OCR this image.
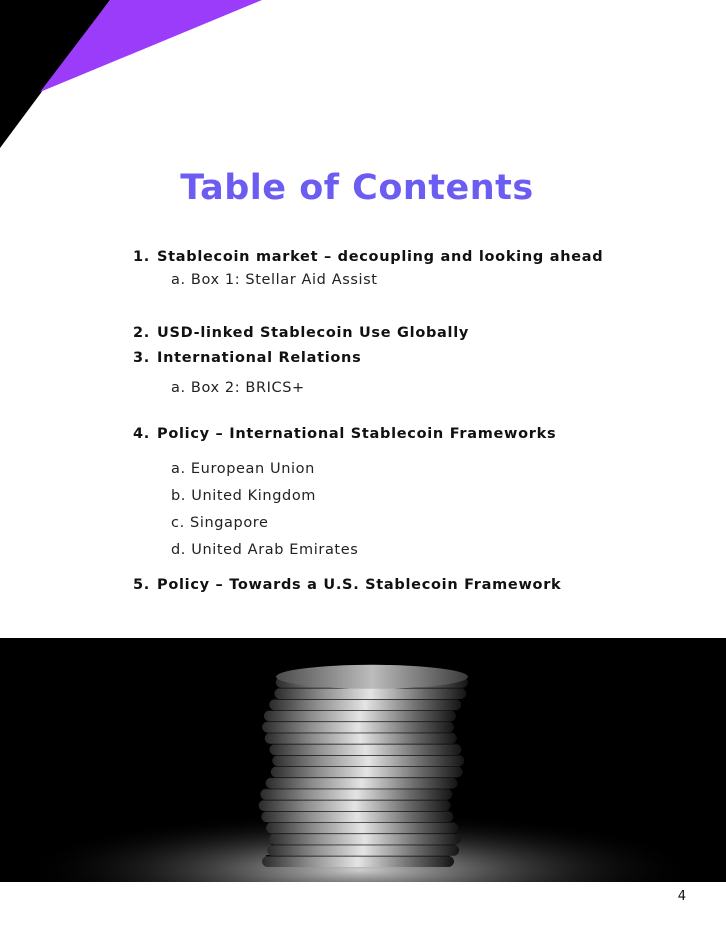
Table of Contents
1. Stablecoin market – decoupling and looking ahead
a. Box 1: Stellar Aid Assist
2. USD-linked Stablecoin Use Globally
3. International Relations
a. Box 2: BRICS+
4. Policy – International Stablecoin Frameworks
a. European Union
b. United Kingdom
c. Singapore
d. United Arab Emirates
5. Policy – Towards a U.S. Stablecoin Framework
4
